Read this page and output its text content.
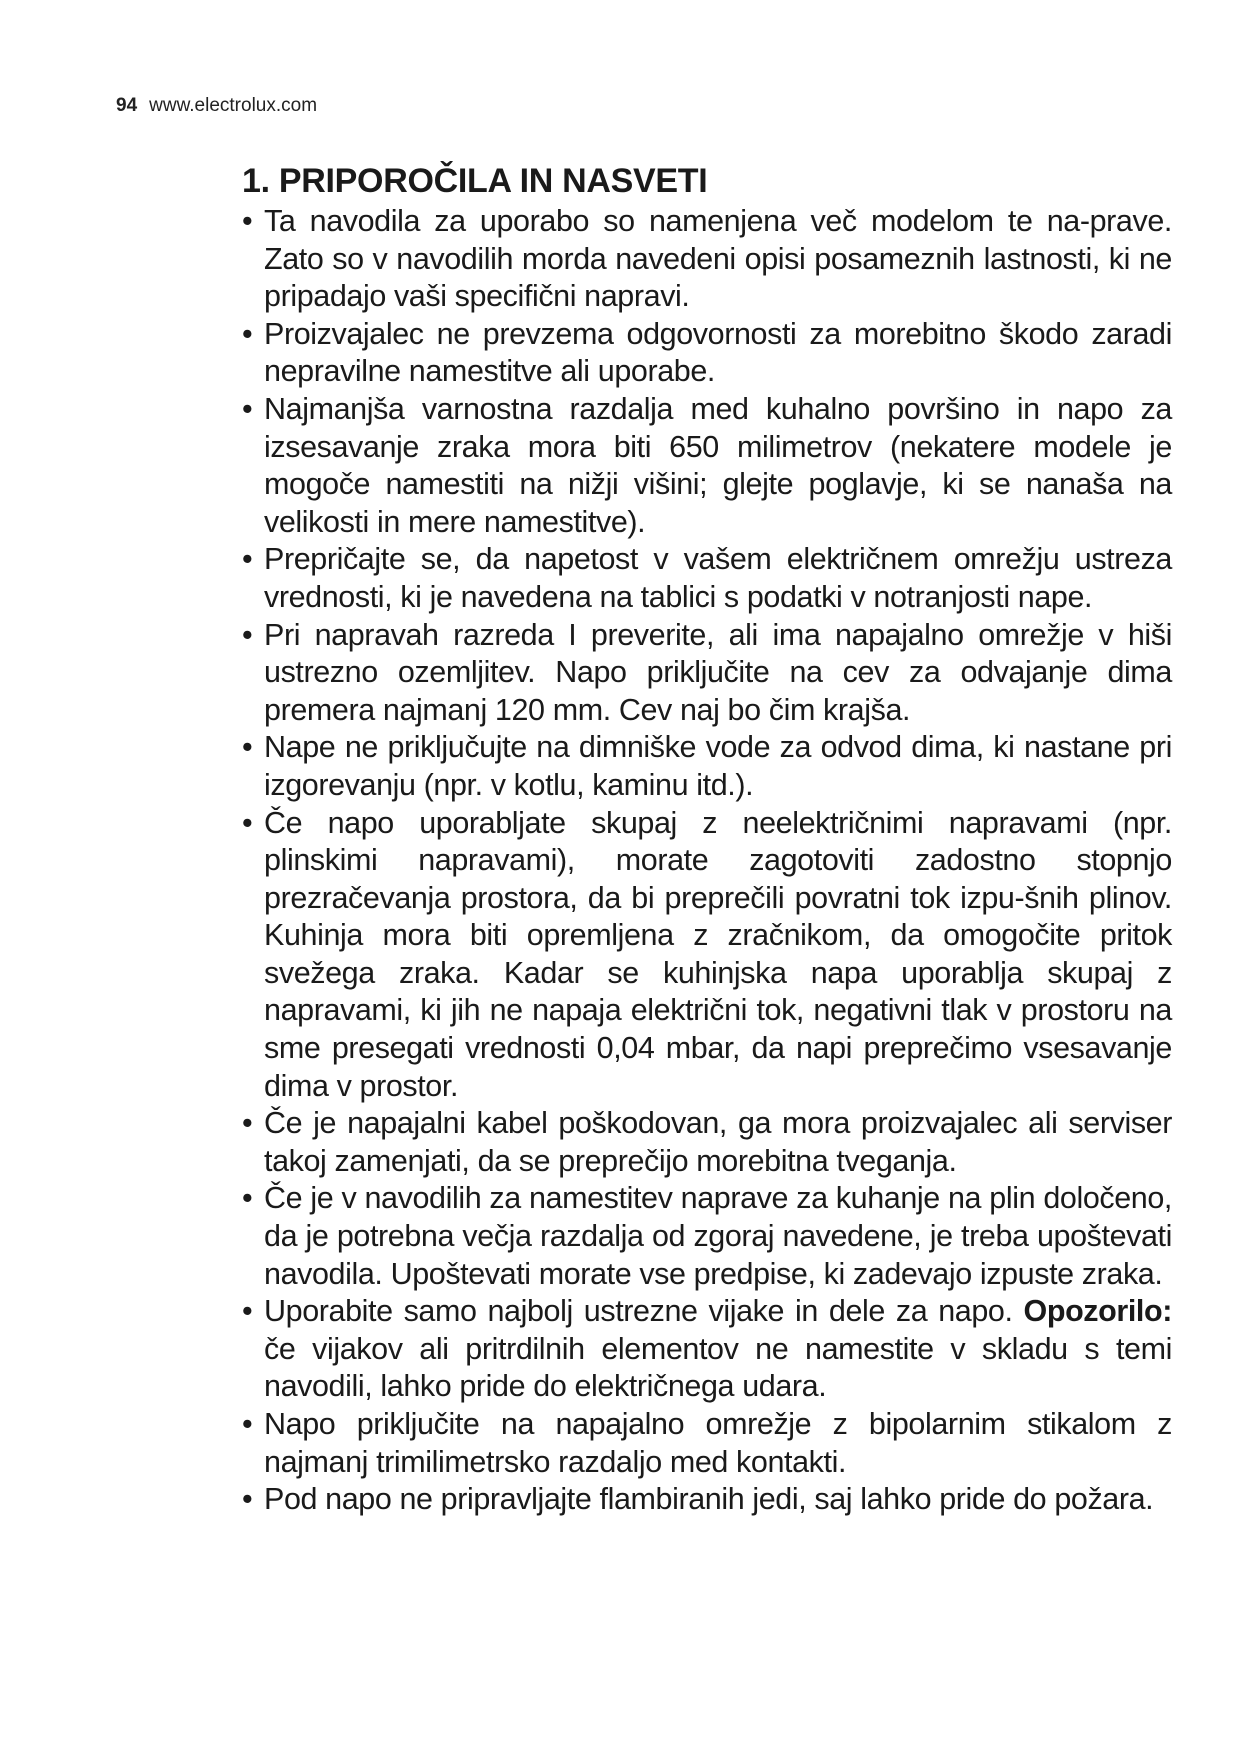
94 www.electrolux.com
1. PRIPOROČILA IN NASVETI
• Ta navodila za uporabo so namenjena več modelom te na-prave. Zato so v navodilih morda navedeni opisi posameznih lastnosti, ki ne pripadajo vaši specifični napravi.
• Proizvajalec ne prevzema odgovornosti za morebitno škodo zaradi nepravilne namestitve ali uporabe.
• Najmanjša varnostna razdalja med kuhalno površino in napo za izsesavanje zraka mora biti 650 milimetrov (nekatere modele je mogoče namestiti na nižji višini; glejte poglavje, ki se nanaša na velikosti in mere namestitve).
• Prepričajte se, da napetost v vašem električnem omrežju ustreza vrednosti, ki je navedena na tablici s podatki v notranjosti nape.
• Pri napravah razreda I preverite, ali ima napajalno omrežje v hiši ustrezno ozemljitev. Napo priključite na cev za odvajanje dima premera najmanj 120 mm. Cev naj bo čim krajša.
• Nape ne priključujte na dimniške vode za odvod dima, ki nastane pri izgorevanju (npr. v kotlu, kaminu itd.).
• Če napo uporabljate skupaj z neelektričnimi napravami (npr. plinskimi napravami), morate zagotoviti zadostno stopnjo prezračevanja prostora, da bi preprečili povratni tok izpu-šnih plinov. Kuhinja mora biti opremljena z zračnikom, da omogočite pritok svežega zraka. Kadar se kuhinjska napa uporablja skupaj z napravami, ki jih ne napaja električni tok, negativni tlak v prostoru na sme presegati vrednosti 0,04 mbar, da napi preprečimo vsesavanje dima v prostor.
• Če je napajalni kabel poškodovan, ga mora proizvajalec ali serviser takoj zamenjati, da se preprečijo morebitna tveganja.
• Če je v navodilih za namestitev naprave za kuhanje na plin določeno, da je potrebna večja razdalja od zgoraj navedene, je treba upoštevati navodila. Upoštevati morate vse predpise, ki zadevajo izpuste zraka.
• Uporabite samo najbolj ustrezne vijake in dele za napo. Opozorilo: če vijakov ali pritrdilnih elementov ne namestite v skladu s temi navodili, lahko pride do električnega udara.
• Napo priključite na napajalno omrežje z bipolarnim stikalom z najmanj trimilimetrsko razdaljo med kontakti.
• Pod napo ne pripravljajte flambiranih jedi, saj lahko pride do požara.
